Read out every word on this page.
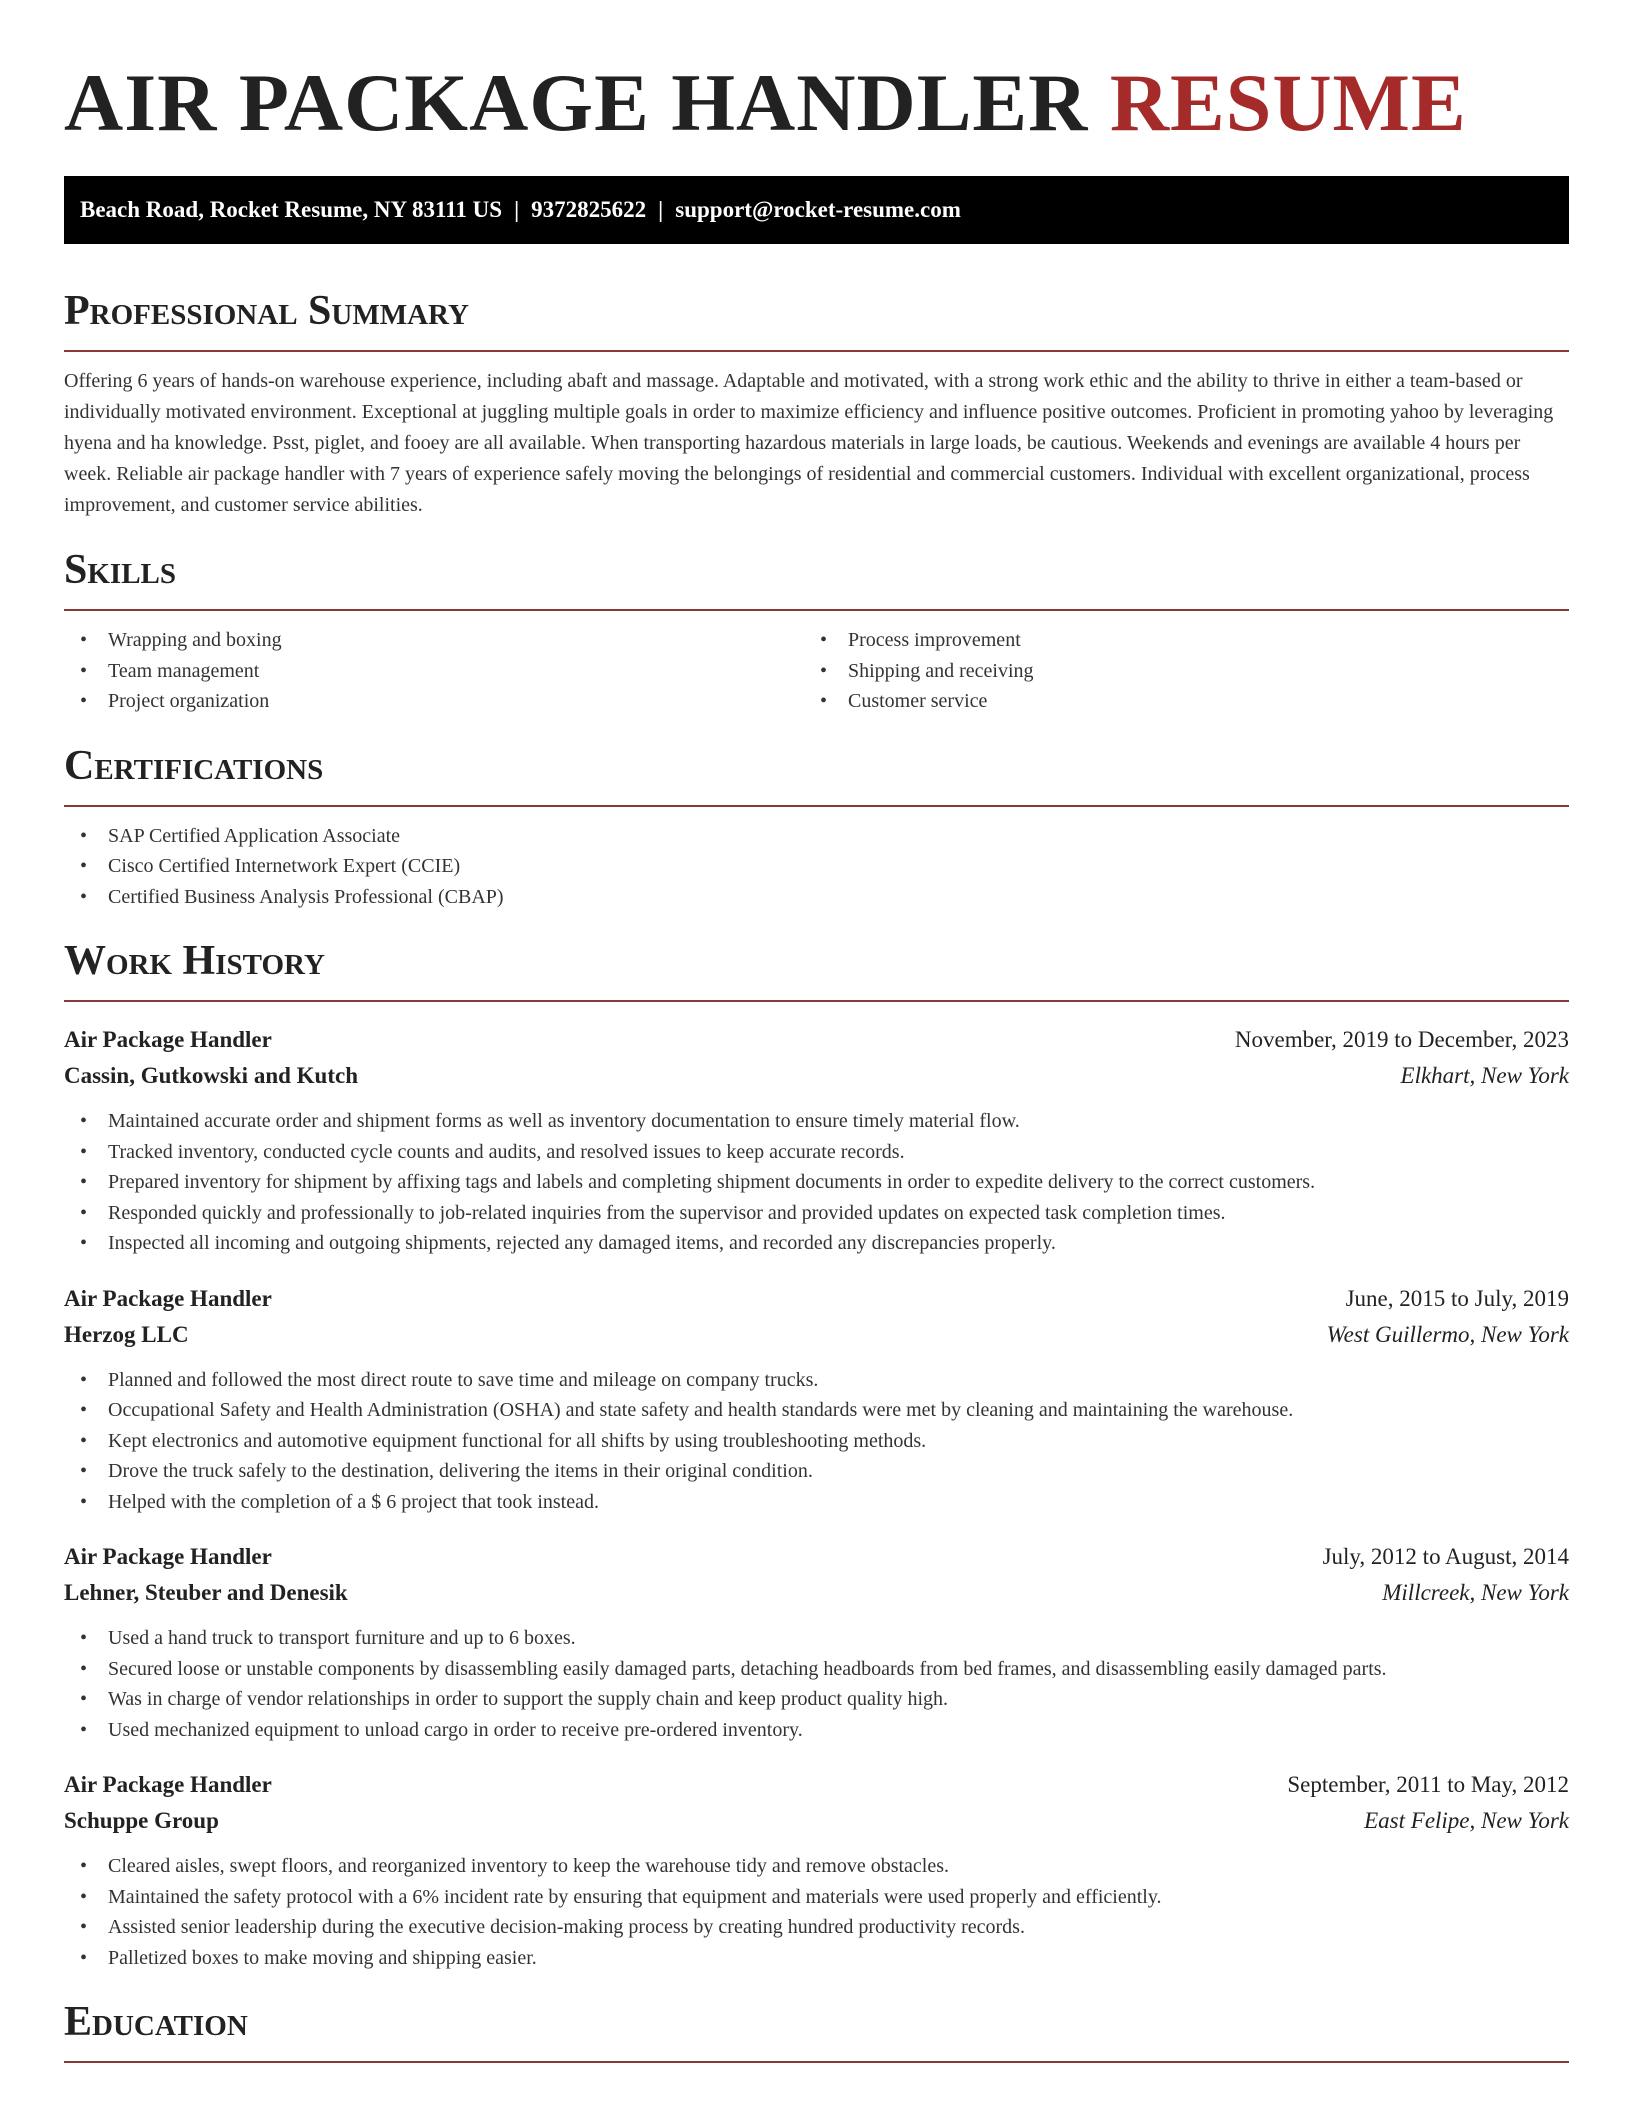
AIR PACKAGE HANDLER RESUME
Beach Road, Rocket Resume, NY 83111 US | 9372825622 | support@rocket-resume.com
Professional Summary

Offering 6 years of hands-on warehouse experience, including abaft and massage. Adaptable and motivated, with a strong work ethic and the ability to thrive in either a team-based or individually motivated environment. Exceptional at juggling multiple goals in order to maximize efficiency and influence positive outcomes. Proficient in promoting yahoo by leveraging hyena and ha knowledge. Psst, piglet, and fooey are all available. When transporting hazardous materials in large loads, be cautious. Weekends and evenings are available 4 hours per week. Reliable air package handler with 7 years of experience safely moving the belongings of residential and commercial customers. Individual with excellent organizational, process improvement, and customer service abilities.

Skills
• Wrapping and boxing
• Team management
• Project organization
• Process improvement
• Shipping and receiving
• Customer service
Certifications
• SAP Certified Application Associate
• Cisco Certified Internetwork Expert (CCIE)
• Certified Business Analysis Professional (CBAP)
Work History
Air Package Handler	November, 2019 to December, 2023
Cassin, Gutkowski and Kutch	Elkhart, New York
• Maintained accurate order and shipment forms as well as inventory documentation to ensure timely material flow.
• Tracked inventory, conducted cycle counts and audits, and resolved issues to keep accurate records.
• Prepared inventory for shipment by affixing tags and labels and completing shipment documents in order to expedite delivery to the correct customers.
• Responded quickly and professionally to job-related inquiries from the supervisor and provided updates on expected task completion times.
• Inspected all incoming and outgoing shipments, rejected any damaged items, and recorded any discrepancies properly.
Air Package Handler	June, 2015 to July, 2019
Herzog LLC	West Guillermo, New York
• Planned and followed the most direct route to save time and mileage on company trucks.
• Occupational Safety and Health Administration (OSHA) and state safety and health standards were met by cleaning and maintaining the warehouse.
• Kept electronics and automotive equipment functional for all shifts by using troubleshooting methods.
• Drove the truck safely to the destination, delivering the items in their original condition.
• Helped with the completion of a $ 6 project that took instead.
Air Package Handler	July, 2012 to August, 2014
Lehner, Steuber and Denesik	Millcreek, New York
• Used a hand truck to transport furniture and up to 6 boxes.
• Secured loose or unstable components by disassembling easily damaged parts, detaching headboards from bed frames, and disassembling easily damaged parts.
• Was in charge of vendor relationships in order to support the supply chain and keep product quality high.
• Used mechanized equipment to unload cargo in order to receive pre-ordered inventory.
Air Package Handler	September, 2011 to May, 2012
Schuppe Group	East Felipe, New York
• Cleared aisles, swept floors, and reorganized inventory to keep the warehouse tidy and remove obstacles.
• Maintained the safety protocol with a 6% incident rate by ensuring that equipment and materials were used properly and efficiently.
• Assisted senior leadership during the executive decision-making process by creating hundred productivity records.
• Palletized boxes to make moving and shipping easier.
Education
